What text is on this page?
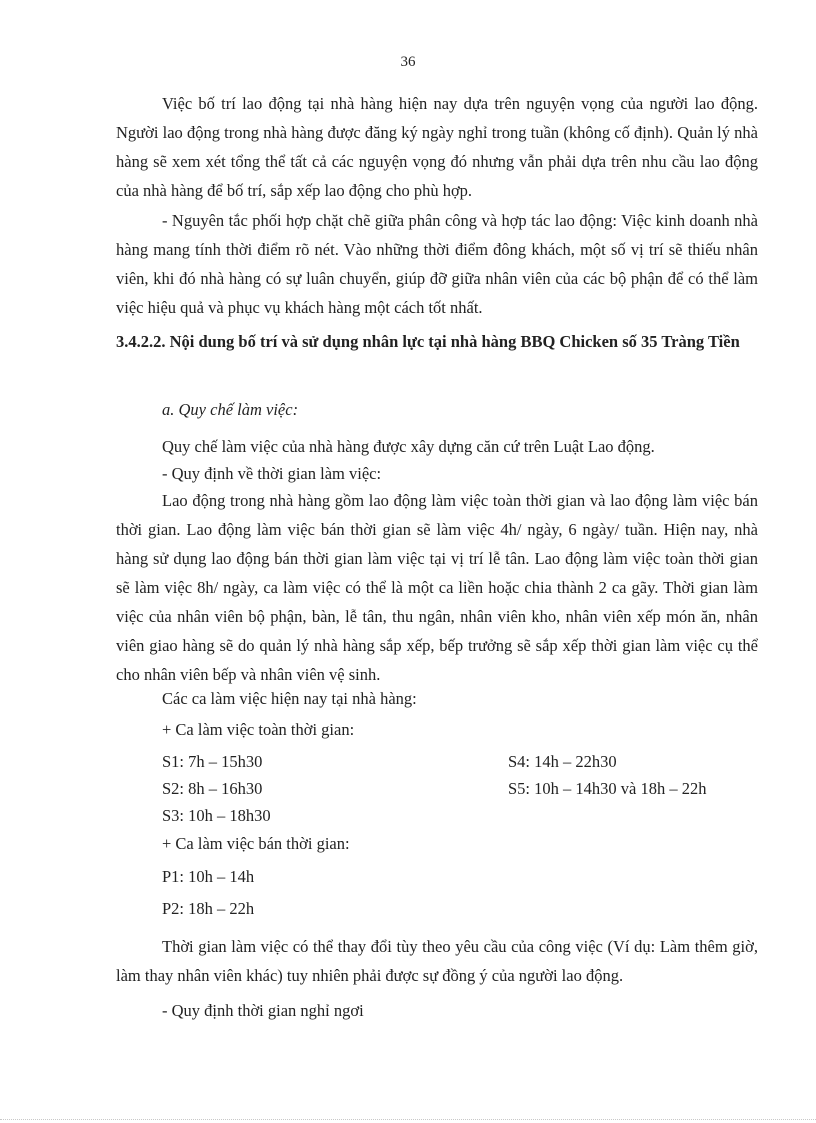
36

Việc bố trí lao động tại nhà hàng hiện nay dựa trên nguyện vọng của người lao động. Người lao động trong nhà hàng được đăng ký ngày nghỉ trong tuần (không cố định). Quản lý nhà hàng sẽ xem xét tổng thể tất cả các nguyện vọng đó nhưng vẫn phải dựa trên nhu cầu lao động của nhà hàng để bố trí, sắp xếp lao động cho phù hợp.

- Nguyên tắc phối hợp chặt chẽ giữa phân công và hợp tác lao động: Việc kinh doanh nhà hàng mang tính thời điểm rõ nét. Vào những thời điểm đông khách, một số vị trí sẽ thiếu nhân viên, khi đó nhà hàng có sự luân chuyển, giúp đỡ giữa nhân viên của các bộ phận để có thể làm việc hiệu quả và phục vụ khách hàng một cách tốt nhất.

3.4.2.2. Nội dung bố trí và sử dụng nhân lực tại nhà hàng BBQ Chicken số 35 Tràng Tiền

a. Quy chế làm việc:
Quy chế làm việc của nhà hàng được xây dựng căn cứ trên Luật Lao động.
- Quy định về thời gian làm việc:

Lao động trong nhà hàng gồm lao động làm việc toàn thời gian và lao động làm việc bán thời gian. Lao động làm việc bán thời gian sẽ làm việc 4h/ ngày, 6 ngày/ tuần. Hiện nay, nhà hàng sử dụng lao động bán thời gian làm việc tại vị trí lễ tân. Lao động làm việc toàn thời gian sẽ làm việc 8h/ ngày, ca làm việc có thể là một ca liền hoặc chia thành 2 ca gãy. Thời gian làm việc của nhân viên bộ phận, bàn, lễ tân, thu ngân, nhân viên kho, nhân viên xếp món ăn, nhân viên giao hàng sẽ do quản lý nhà hàng sắp xếp, bếp trưởng sẽ sắp xếp thời gian làm việc cụ thể cho nhân viên bếp và nhân viên vệ sinh.

Các ca làm việc hiện nay tại nhà hàng:
+ Ca làm việc toàn thời gian:
S1: 7h – 15h30	S4: 14h – 22h30
S2: 8h – 16h30	S5: 10h – 14h30 và 18h – 22h
S3: 10h – 18h30
+ Ca làm việc bán thời gian:
P1: 10h – 14h
P2: 18h – 22h

Thời gian làm việc có thể thay đổi tùy theo yêu cầu của công việc (Ví dụ: Làm thêm giờ, làm thay nhân viên khác) tuy nhiên phải được sự đồng ý của người lao động.

- Quy định thời gian nghỉ ngơi
